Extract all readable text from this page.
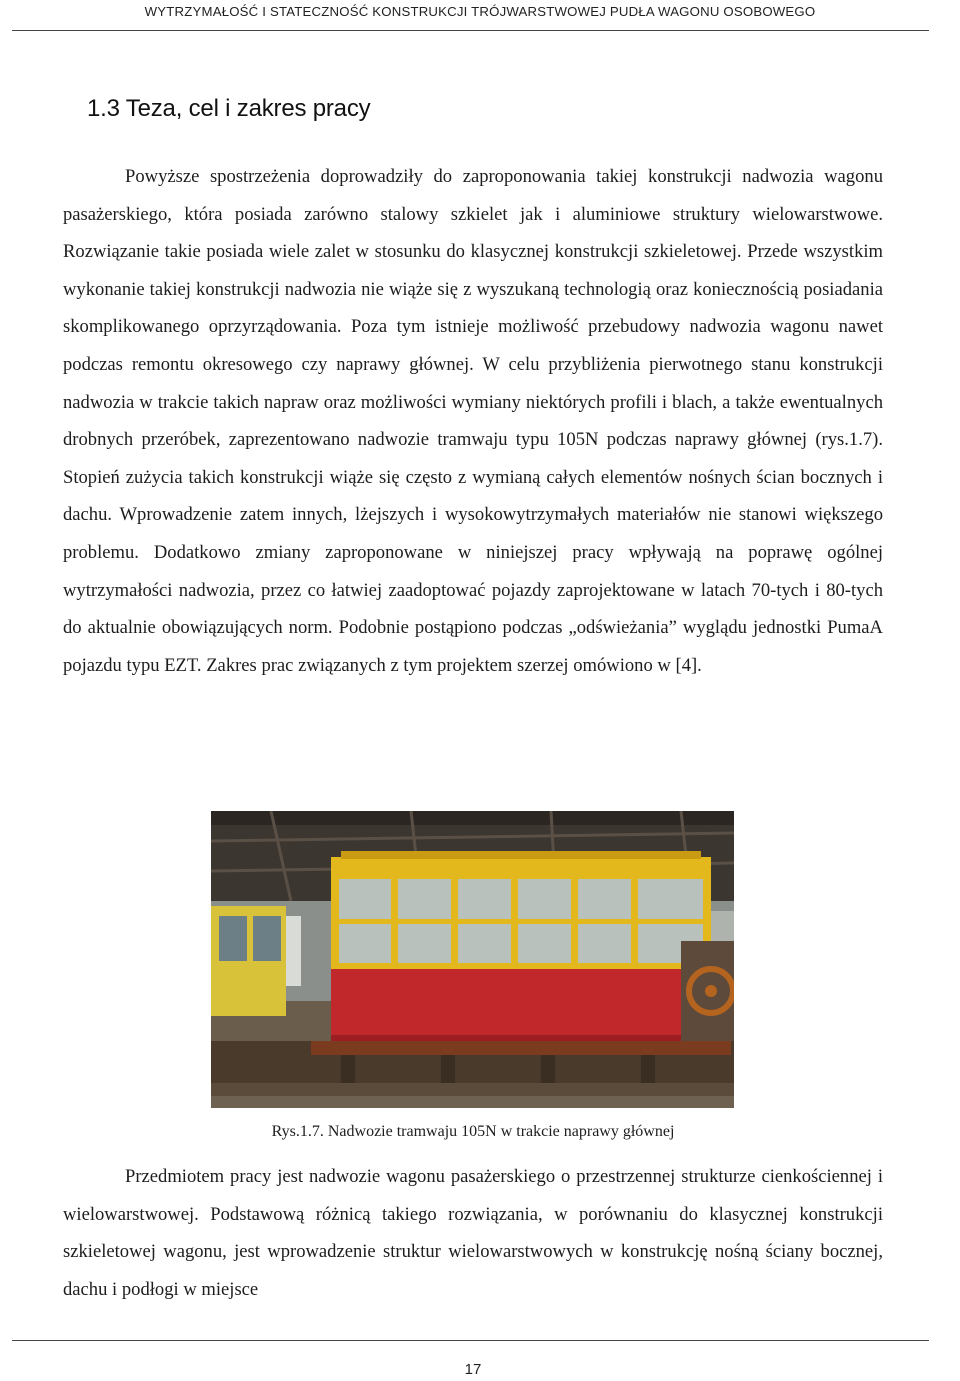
WYTRZYMAŁOŚĆ I STATECZNOŚĆ KONSTRUKCJI TRÓJWARSTWOWEJ PUDŁA WAGONU OSOBOWEGO
1.3 Teza, cel i zakres pracy

Powyższe spostrzeżenia doprowadziły do zaproponowania takiej konstrukcji nadwozia wagonu pasażerskiego, która posiada zarówno stalowy szkielet jak i aluminiowe struktury wielowarstwowe. Rozwiązanie takie posiada wiele zalet w stosunku do klasycznej konstrukcji szkieletowej. Przede wszystkim wykonanie takiej konstrukcji nadwozia nie wiąże się z wyszukaną technologią oraz koniecznością posiadania skomplikowanego oprzyrządowania. Poza tym istnieje możliwość przebudowy nadwozia wagonu nawet podczas remontu okresowego czy naprawy głównej. W celu przybliżenia pierwotnego stanu konstrukcji nadwozia w trakcie takich napraw oraz możliwości wymiany niektórych profili i blach, a także ewentualnych drobnych przeróbek, zaprezentowano nadwozie tramwaju typu 105N podczas naprawy głównej (rys.1.7). Stopień zużycia takich konstrukcji wiąże się często z wymianą całych elementów nośnych ścian bocznych i dachu. Wprowadzenie zatem innych, lżejszych i wysokowytrzymałych materiałów nie stanowi większego problemu. Dodatkowo zmiany zaproponowane w niniejszej pracy wpływają na poprawę ogólnej wytrzymałości nadwozia, przez co łatwiej zaadoptować pojazdy zaprojektowane w latach 70-tych i 80-tych do aktualnie obowiązujących norm. Podobnie postąpiono podczas „odświeżania” wyglądu jednostki PumaA pojazdu typu EZT. Zakres prac związanych z tym projektem szerzej omówiono w [4].

Rys.1.7. Nadwozie tramwaju 105N w trakcie naprawy głównej

Przedmiotem pracy jest nadwozie wagonu pasażerskiego o przestrzennej strukturze cienkościennej i wielowarstwowej. Podstawową różnicą takiego rozwiązania, w porównaniu do klasycznej konstrukcji szkieletowej wagonu, jest wprowadzenie struktur wielowarstwowych w konstrukcję nośną ściany bocznej, dachu i podłogi w miejsce

17
